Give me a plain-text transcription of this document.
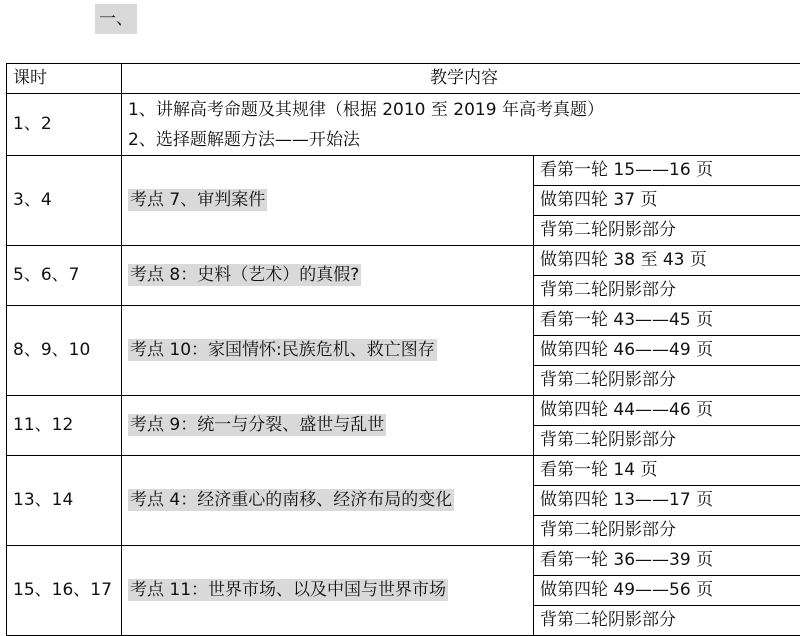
一、
课时	教学内容	
1、2	1、讲解高考命题及其规律（根据 2010 至 2019 年高考真题）
2、选择题解题方法——开始法	

3、4	考点 7、审判案件	看第一轮 15——16 页
		做第四轮 37 页
		背第二轮阴影部分
5、6、7	考点 8：史料（艺术）的真假?	做第四轮 38 至 43 页
		背第二轮阴影部分
8、9、10	考点 10：家国情怀:民族危机、救亡图存	看第一轮 43——45 页
		做第四轮 46——49 页
		背第二轮阴影部分
11、12	考点 9：统一与分裂、盛世与乱世	做第四轮 44——46 页
		背第二轮阴影部分
13、14	考点 4：经济重心的南移、经济布局的变化	看第一轮 14 页
		做第四轮 13——17 页
		背第二轮阴影部分
15、16、17	考点 11：世界市场、以及中国与世界市场	看第一轮 36——39 页
		做第四轮 49——56 页
		背第二轮阴影部分
